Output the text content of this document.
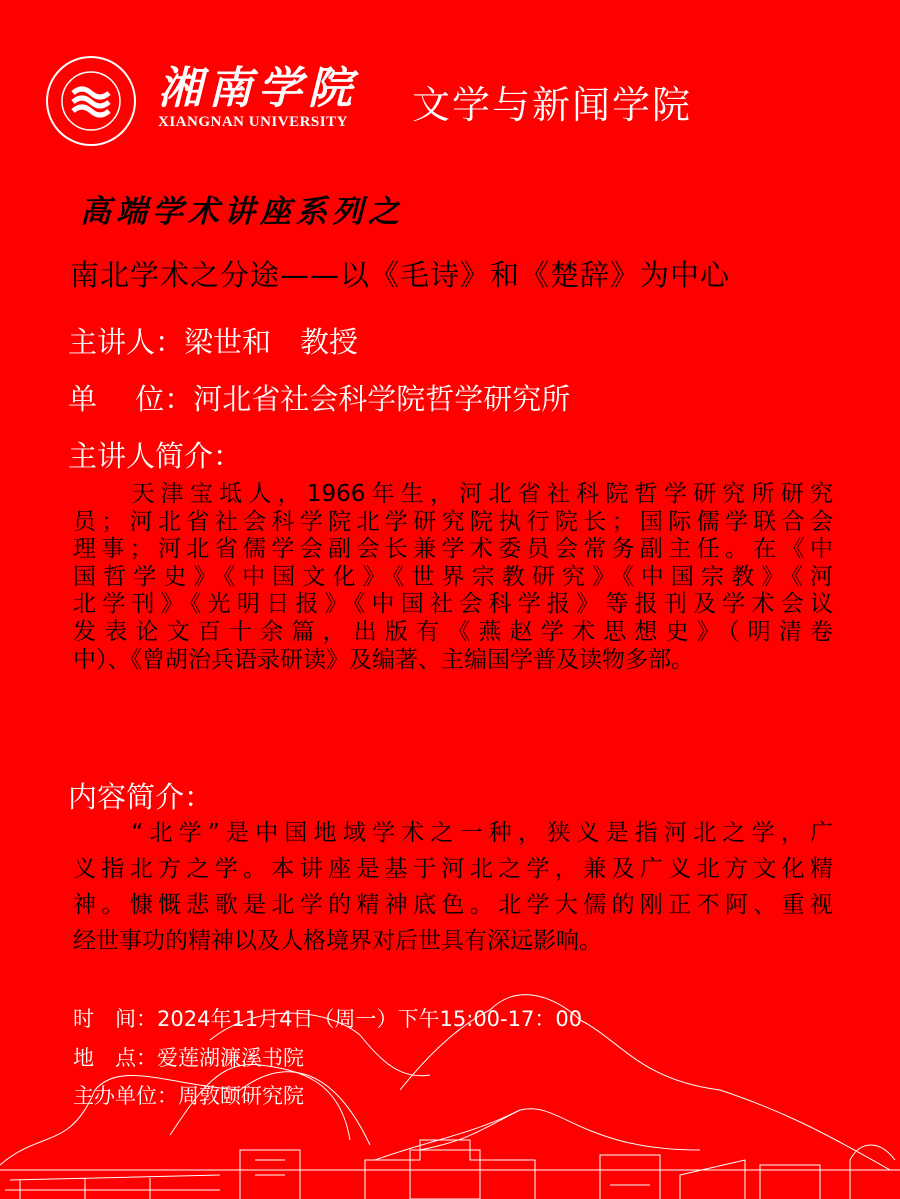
湘南学院
XIANGNAN UNIVERSITY 文学与新闻学院
高端学术讲座系列之
南北学术之分途——以《毛诗》和《楚辞》为中心
主讲人：梁世和　教授
单　 位：河北省社会科学院哲学研究所
主讲人简介：
　　天津宝坻人，1966年生，河北省社科院哲学研究所研究
员；河北省社会科学院北学研究院执行院长；国际儒学联合会
理事；河北省儒学会副会长兼学术委员会常务副主任。在《中
国哲学史》《中国文化》《世界宗教研究》《中国宗教》《河
北学刊》《光明日报》《中国社会科学报》等报刊及学术会议
发表论文百十余篇，出版有《燕赵学术思想史》（明清卷
中）、《曾胡治兵语录研读》及编著、主编国学普及读物多部。
内容简介：
　　“北学”是中国地域学术之一种，狭义是指河北之学，广
义指北方之学。本讲座是基于河北之学，兼及广义北方文化精
神。慷慨悲歌是北学的精神底色。北学大儒的刚正不阿、重视
经世事功的精神以及人格境界对后世具有深远影响。
时　间：2024年11月4日（周一）下午15:00-17：00
地　点：爱莲湖濂溪书院
主办单位：周敦颐研究院
